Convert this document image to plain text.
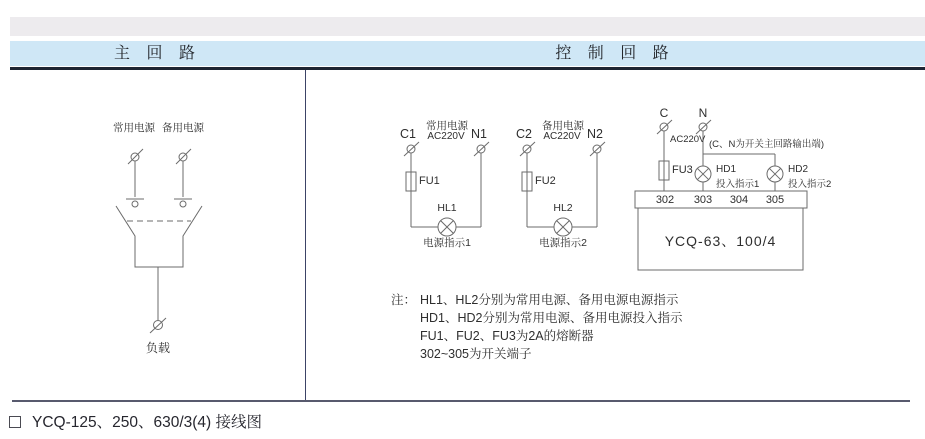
主 回 路	控 制 回 路
常用电源 备用电源
负载
常用电源
AC220V
C1	N1
FU1
HL1
电源指示1
备用电源
AC220V
C2	N2
FU2
HL2
电源指示2
C	N
AC220V (C、N为开关主回路输出端)
FU3 HD1
投入指示1
HD2
投入指示2
302	303	304	305
YCQ-63、100/4
注： HL1、HL2分别为常用电源、备用电源电源指示
HD1、HD2分别为常用电源、备用电源投入指示
FU1、FU2、FU3为2A的熔断器
302~305为开关端子
YCQ-125、250、630/3(4) 接线图
